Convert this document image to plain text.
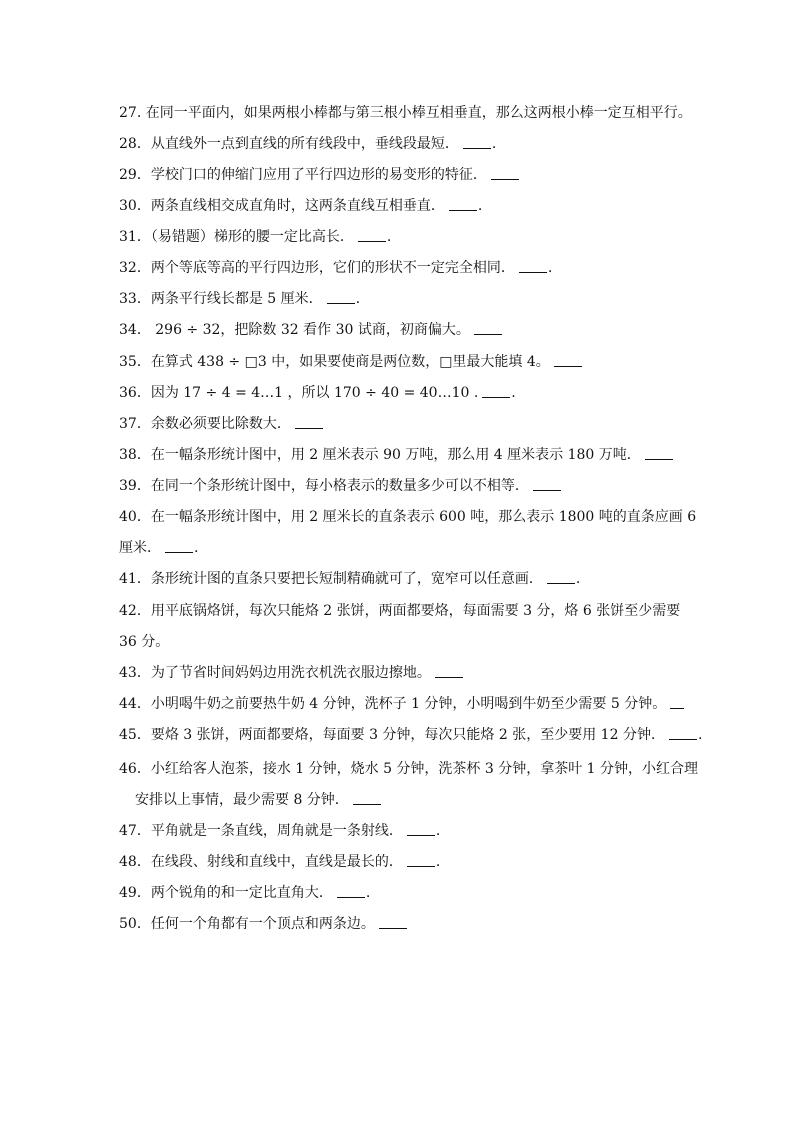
27. 在同一平面内，如果两根小棒都与第三根小棒互相垂直，那么这两根小棒一定互相平行。
28．从直线外一点到直线的所有线段中，垂线段最短． .
29．学校门口的伸缩门应用了平行四边形的易变形的特征．
30．两条直线相交成直角时，这两条直线互相垂直． .
31．（易错题）梯形的腰一定比高长． .
32．两个等底等高的平行四边形，它们的形状不一定完全相同． .
33．两条平行线长都是 5 厘米． .
34． 296 ÷ 32，把除数 32 看作 30 试商，初商偏大。
35．在算式 438 ÷ □3 中，如果要使商是两位数，□里最大能填 4。
36．因为 17 ÷ 4 = 4…1 ，所以 170 ÷ 40 = 40…10 . .
37．余数必须要比除数大．
38．在一幅条形统计图中，用 2 厘米表示 90 万吨，那么用 4 厘米表示 180 万吨．
39．在同一个条形统计图中，每小格表示的数量多少可以不相等．
40．在一幅条形统计图中，用 2 厘米长的直条表示 600 吨，那么表示 1800 吨的直条应画 6
厘米． .
41．条形统计图的直条只要把长短制精确就可了，宽窄可以任意画． .
42．用平底锅烙饼，每次只能烙 2 张饼，两面都要烙，每面需要 3 分，烙 6 张饼至少需要
36 分。
43．为了节省时间妈妈边用洗衣机洗衣服边擦地。
44．小明喝牛奶之前要热牛奶 4 分钟，洗杯子 1 分钟，小明喝到牛奶至少需要 5 分钟。
45．要烙 3 张饼，两面都要烙，每面要 3 分钟，每次只能烙 2 张，至少要用 12 分钟． .
46．小红给客人泡茶，接水 1 分钟，烧水 5 分钟，洗茶杯 3 分钟，拿茶叶 1 分钟，小红合理
安排以上事情，最少需要 8 分钟．
47．平角就是一条直线，周角就是一条射线． .
48．在线段、射线和直线中，直线是最长的． .
49．两个锐角的和一定比直角大． .
50．任何一个角都有一个顶点和两条边。
